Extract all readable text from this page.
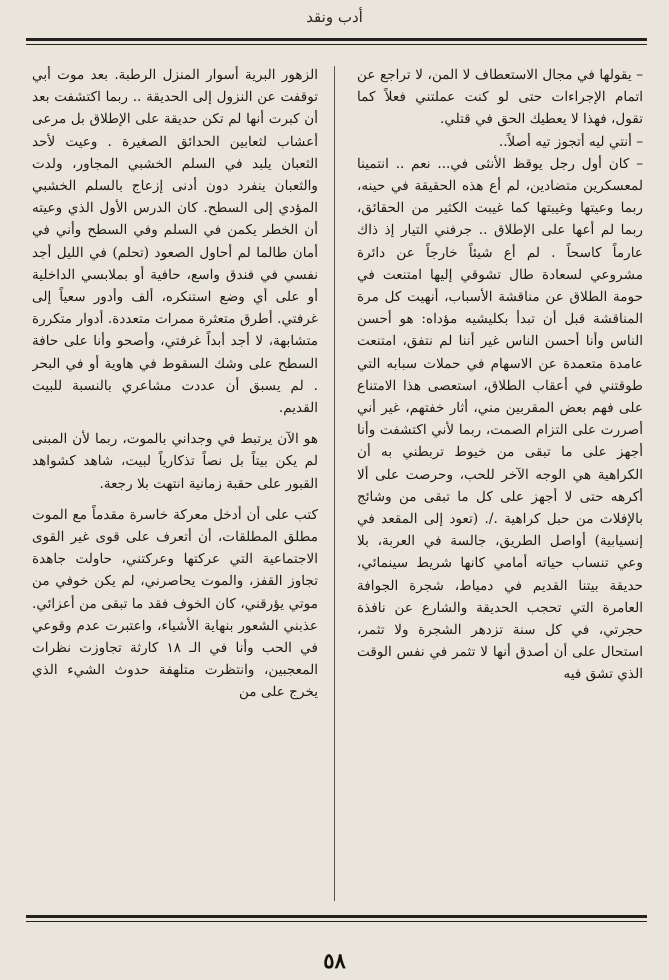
أدب ونقد

– يقولها في مجال الاستعطاف لا المن، لا تراجع عن اتمام الإجراءات حتى لو كنت عملتني فعلاً كما تقول، فهذا لا يعطيك الحق في قتلي.

– أنتي ليه أتجوز تيه أصلاً..

– كان أول رجل يوقظ الأنثى في... نعم .. انتمينا لمعسكرين متضادين، لم أع هذه الحقيقة في حينه، ربما وعيتها وغيبتها كما غيبت الكثير من الحقائق، ربما لم أعها على الإطلاق .. جرفني التيار إذ ذاك عارماً كاسحاً . لم أع شيئاً خارجاً عن دائرة مشروعي لسعادة طال تشوقي إليها امتنعت في حومة الطلاق عن مناقشة الأسباب، أنهيت كل مرة المناقشة قبل أن تبدأ بكليشيه مؤداه: هو أحسن الناس وأنا أحسن الناس غير أننا لم نتفق، امتنعت عامدة متعمدة عن الاسهام في حملات سبابه التي طوقتني في أعقاب الطلاق، استعصى هذا الامتناع على فهم بعض المقربين مني، أثار خفتهم، غير أني أصررت على التزام الصمت، ربما لأني اكتشفت وأنا أجهز على ما تبقى من خيوط تربطني به أن الكراهية هي الوجه الآخر للحب، وحرصت على ألا أكرهه حتى لا أجهز على كل ما تبقى من وشائج بالإفلات من حبل كراهية ./. (تعود إلى المقعد في إنسيابية) أواصل الطريق، جالسة في العربة، بلا وعي تنساب حياته أمامي كانها شريط سينمائي، حديقة بيتنا القديم في دمياط، شجرة الجوافة العامرة التي تحجب الحديقة والشارع عن نافذة حجرتي، في كل سنة تزدهر الشجرة ولا تثمر، استحال على أن أصدق أنها لا تثمر في نفس الوقت الذي تشق فيه

الزهور البرية أسوار المنزل الرطبة. بعد موت أبي توقفت عن النزول إلى الحديقة .. ربما اكتشفت بعد أن كبرت أنها لم تكن حديقة على الإطلاق بل مرعى أعشاب لثعابين الحدائق الصغيرة . وعيت لأحد الثعبان يلبد في السلم الخشبي المجاور، ولدت والثعبان ينفرد دون أدنى إزعاج بالسلم الخشبي المؤدي إلى السطح. كان الدرس الأول الذي وعيته أن الخطر يكمن في السلم وفي السطح وأني في أمان طالما لم أحاول الصعود (تحلم) في الليل أجد نفسي في فندق واسع، حافية أو بملابسي الداخلية أو على أي وضع استنكره، ألف وأدور سعياً إلى غرفتي. أطرق متعثرة ممرات متعددة. أدوار متكررة متشابهة، لا أجد أبداً غرفتي، وأصحو وأنا على حافة السطح على وشك السقوط في هاوية أو في البحر . لم يسبق أن عددت مشاعري بالنسبة للبيت القديم.

هو الآن يرتبط في وجداني بالموت، ربما لأن المبنى لم يكن بيتاً بل نصاً تذكارياً لبيت، شاهد كشواهد القبور على حقبة زمانية انتهت بلا رجعة.

كتب على أن أدخل معركة خاسرة مقدماً مع الموت مطلق المطلقات، أن أتعرف على قوى غير القوى الاجتماعية التي عركتها وعركتني، حاولت جاهدة تجاوز القفز، والموت يحاصرني، لم يكن خوفي من موتي يؤرقني، كان الخوف فقد ما تبقى من أعزائي. عذبني الشعور بنهاية الأشياء، واعتبرت عدم وقوعي في الحب وأنا في الـ ١٨ كارثة تجاوزت نظرات المعجبين، وانتظرت متلهفة حدوث الشيء الذي يخرج على من

٥٨
